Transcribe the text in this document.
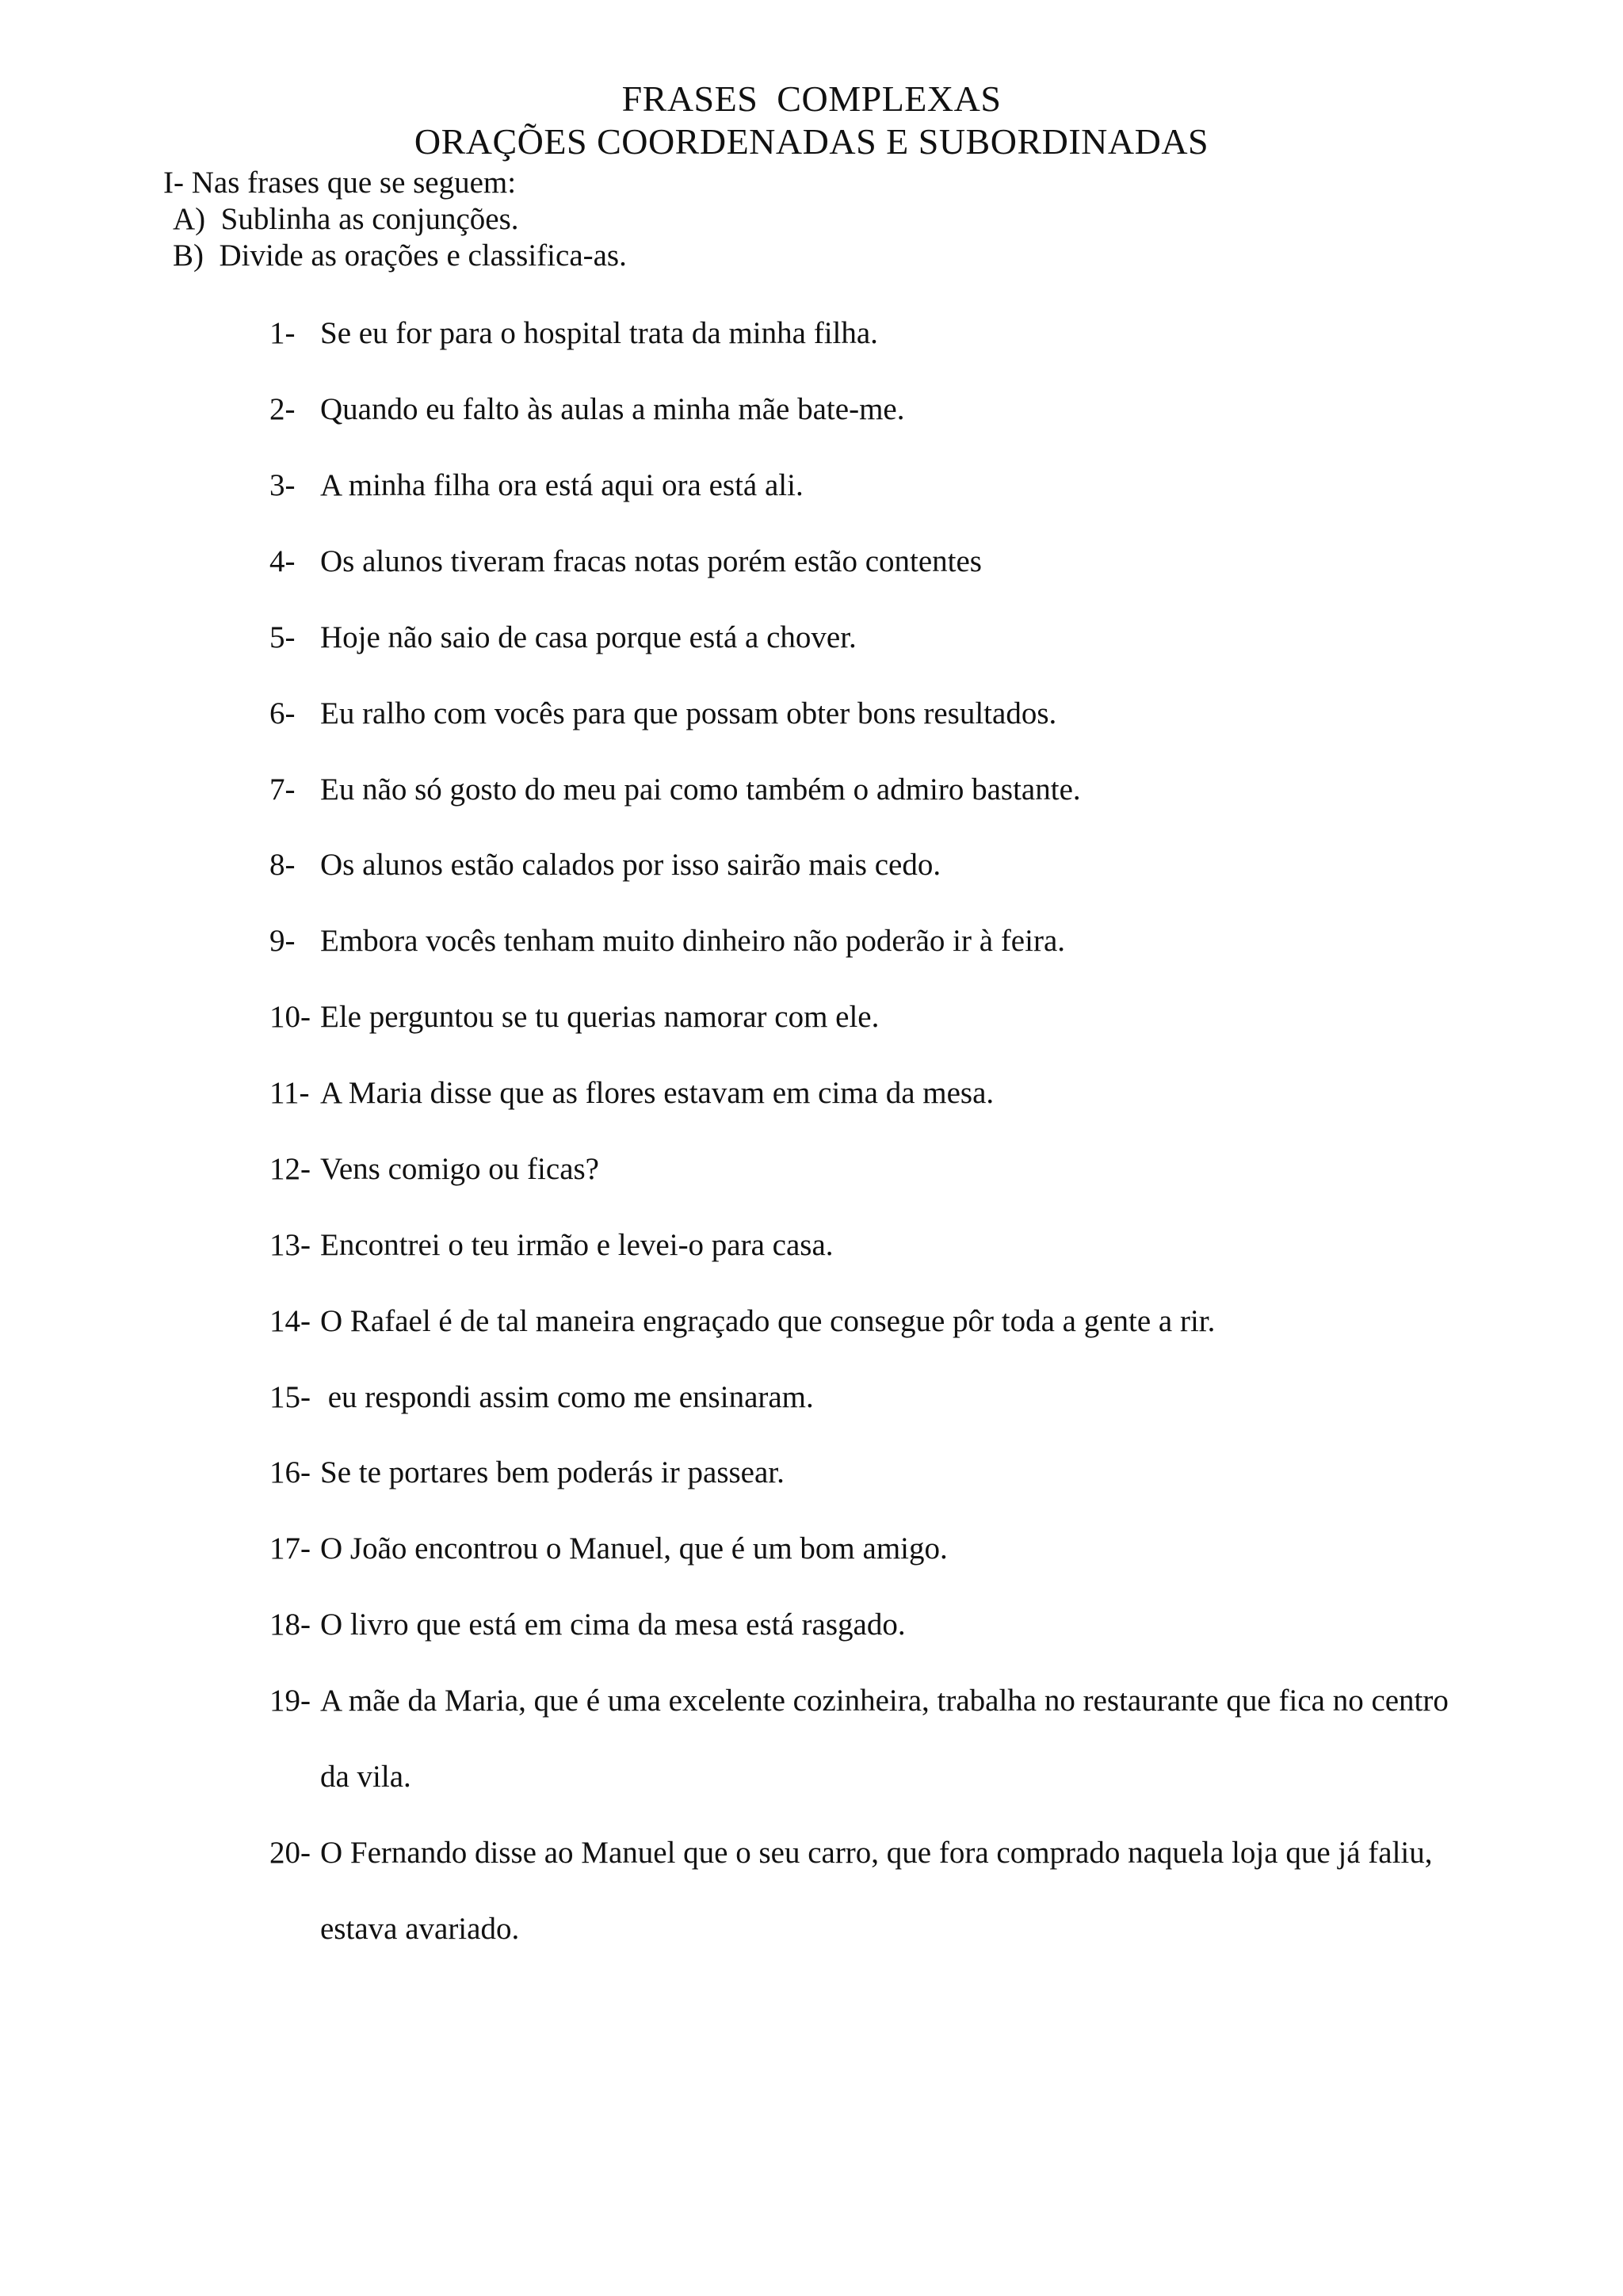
FRASES  COMPLEXAS
ORAÇÕES COORDENADAS E SUBORDINADAS
I- Nas frases que se seguem:
A)  Sublinha as conjunções.
B)  Divide as orações e classifica-as.
1- Se eu for para o hospital trata da minha filha.
2- Quando eu falto às aulas a minha mãe bate-me.
3- A minha filha ora está aqui ora está ali.
4- Os alunos tiveram fracas notas porém estão contentes
5- Hoje não saio de casa porque está a chover.
6- Eu ralho com vocês para que possam obter bons resultados.
7- Eu não só gosto do meu pai como também o admiro bastante.
8- Os alunos estão calados por isso sairão mais cedo.
9- Embora vocês tenham muito dinheiro não poderão ir à feira.
10- Ele perguntou se tu querias namorar com ele.
11- A Maria disse que as flores estavam em cima da mesa.
12- Vens comigo ou ficas?
13- Encontrei o teu irmão e levei-o para casa.
14- O Rafael é de tal maneira engraçado que consegue pôr toda a gente a rir.
15- eu respondi assim como me ensinaram.
16- Se te portares bem poderás ir passear.
17- O João encontrou o Manuel, que é um bom amigo.
18- O livro que está em cima da mesa está rasgado.
19- A mãe da Maria, que é uma excelente cozinheira, trabalha no restaurante que fica no centro
da vila.
20- O Fernando disse ao Manuel que o seu carro, que fora comprado naquela loja que já faliu,
estava avariado.
